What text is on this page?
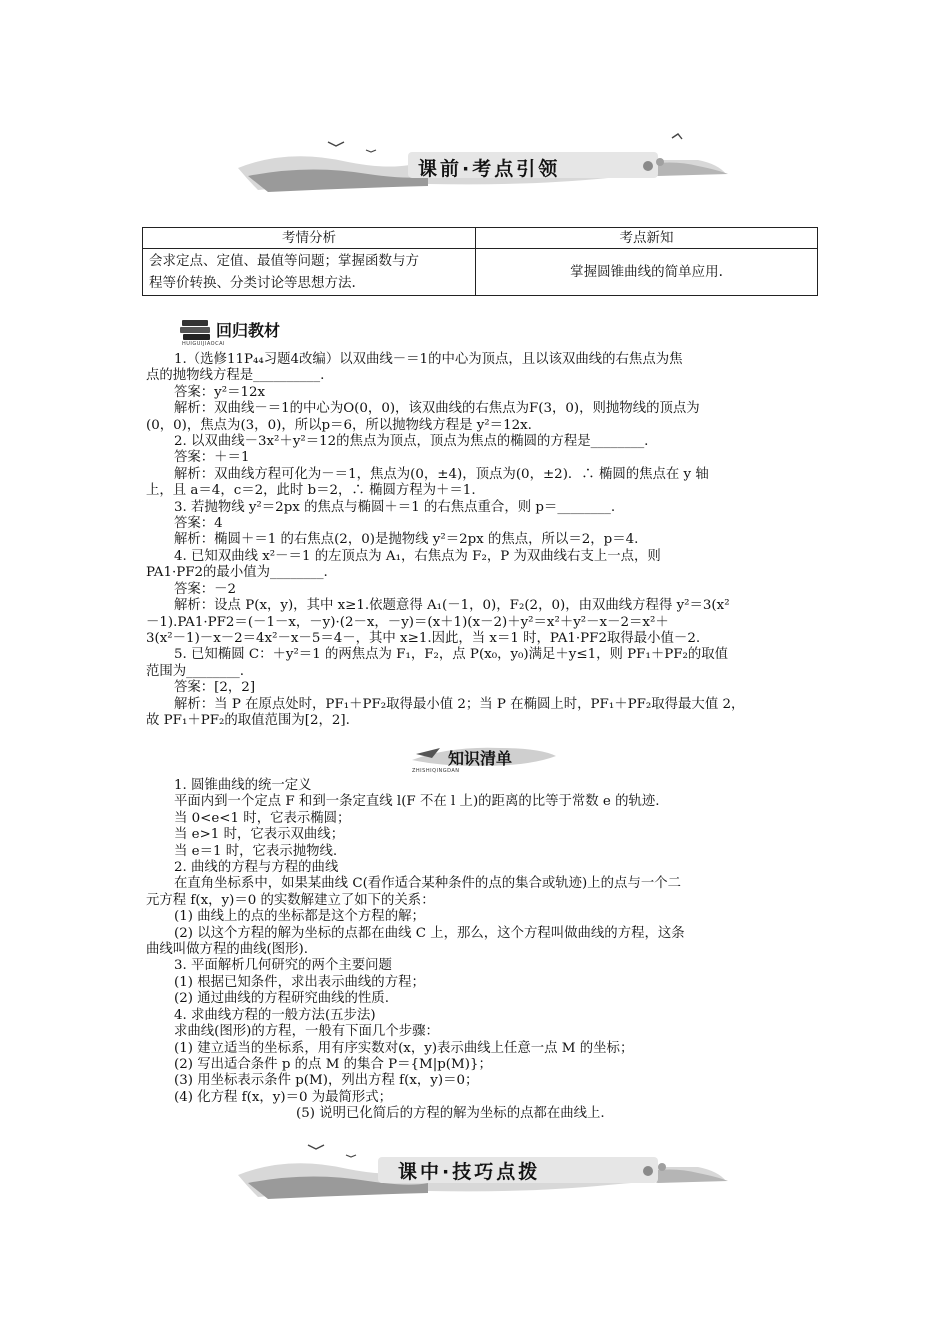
课前·考点引领
考情分析	考点新知

会求定点、定值、最值等问题；掌握函数与方
程等价转换、分类讨论等思想方法.	掌握圆锥曲线的简单应用.
回归教材
HUIGUIJIAOCAI

1.（选修11P₄₄习题4改编）以双曲线－＝1的中心为顶点，且以该双曲线的右焦点为焦

点的抛物线方程是__________.

答案：y²＝12x

解析：双曲线－＝1的中心为O(0，0)，该双曲线的右焦点为F(3，0)，则抛物线的顶点为

(0，0)，焦点为(3，0)，所以p＝6，所以抛物线方程是 y²＝12x.

2. 以双曲线－3x²＋y²＝12的焦点为顶点，顶点为焦点的椭圆的方程是________.

答案：＋＝1

解析：双曲线方程可化为－＝1，焦点为(0，±4)，顶点为(0，±2)．∴ 椭圆的焦点在 y 轴

上，且 a＝4，c＝2，此时 b＝2，∴ 椭圆方程为＋＝1.

3. 若抛物线 y²＝2px 的焦点与椭圆＋＝1 的右焦点重合，则 p＝________.

答案：4

解析：椭圆＋＝1 的右焦点(2，0)是抛物线 y²＝2px 的焦点，所以＝2，p＝4.

4. 已知双曲线 x²－＝1 的左顶点为 A₁，右焦点为 F₂，P 为双曲线右支上一点，则

PA1·PF2的最小值为________.

答案：－2

解析：设点 P(x，y)，其中 x≥1.依题意得 A₁(－1，0)，F₂(2，0)，由双曲线方程得 y²＝3(x²

－1).PA1·PF2＝(－1－x，－y)·(2－x，－y)＝(x＋1)(x－2)＋y²＝x²＋y²－x－2＝x²＋

3(x²－1)－x－2＝4x²－x－5＝4－，其中 x≥1.因此，当 x＝1 时，PA1·PF2取得最小值－2.

5. 已知椭圆 C：＋y²＝1 的两焦点为 F₁，F₂，点 P(x₀，y₀)满足＋y≤1，则 PF₁＋PF₂的取值

范围为________.

答案：[2，2]

解析：当 P 在原点处时，PF₁＋PF₂取得最小值 2；当 P 在椭圆上时，PF₁＋PF₂取得最大值 2，

故 PF₁＋PF₂的取值范围为[2，2].

知识清单
ZHISHIQINGDAN

1. 圆锥曲线的统一定义

平面内到一个定点 F 和到一条定直线 l(F 不在 l 上)的距离的比等于常数 e 的轨迹.

当 0<e<1 时，它表示椭圆；

当 e>1 时，它表示双曲线；

当 e＝1 时，它表示抛物线.

2. 曲线的方程与方程的曲线

在直角坐标系中，如果某曲线 C(看作适合某种条件的点的集合或轨迹)上的点与一个二

元方程 f(x，y)＝0 的实数解建立了如下的关系：

(1) 曲线上的点的坐标都是这个方程的解；

(2) 以这个方程的解为坐标的点都在曲线 C 上，那么，这个方程叫做曲线的方程，这条

曲线叫做方程的曲线(图形).

3. 平面解析几何研究的两个主要问题

(1) 根据已知条件，求出表示曲线的方程；

(2) 通过曲线的方程研究曲线的性质.

4. 求曲线方程的一般方法(五步法)

求曲线(图形)的方程，一般有下面几个步骤：

(1) 建立适当的坐标系，用有序实数对(x，y)表示曲线上任意一点 M 的坐标；

(2) 写出适合条件 p 的点 M 的集合 P＝{M|p(M)}；

(3) 用坐标表示条件 p(M)，列出方程 f(x，y)＝0；

(4) 化方程 f(x，y)＝0 为最简形式；

(5) 说明已化简后的方程的解为坐标的点都在曲线上.

课中·技巧点拨
